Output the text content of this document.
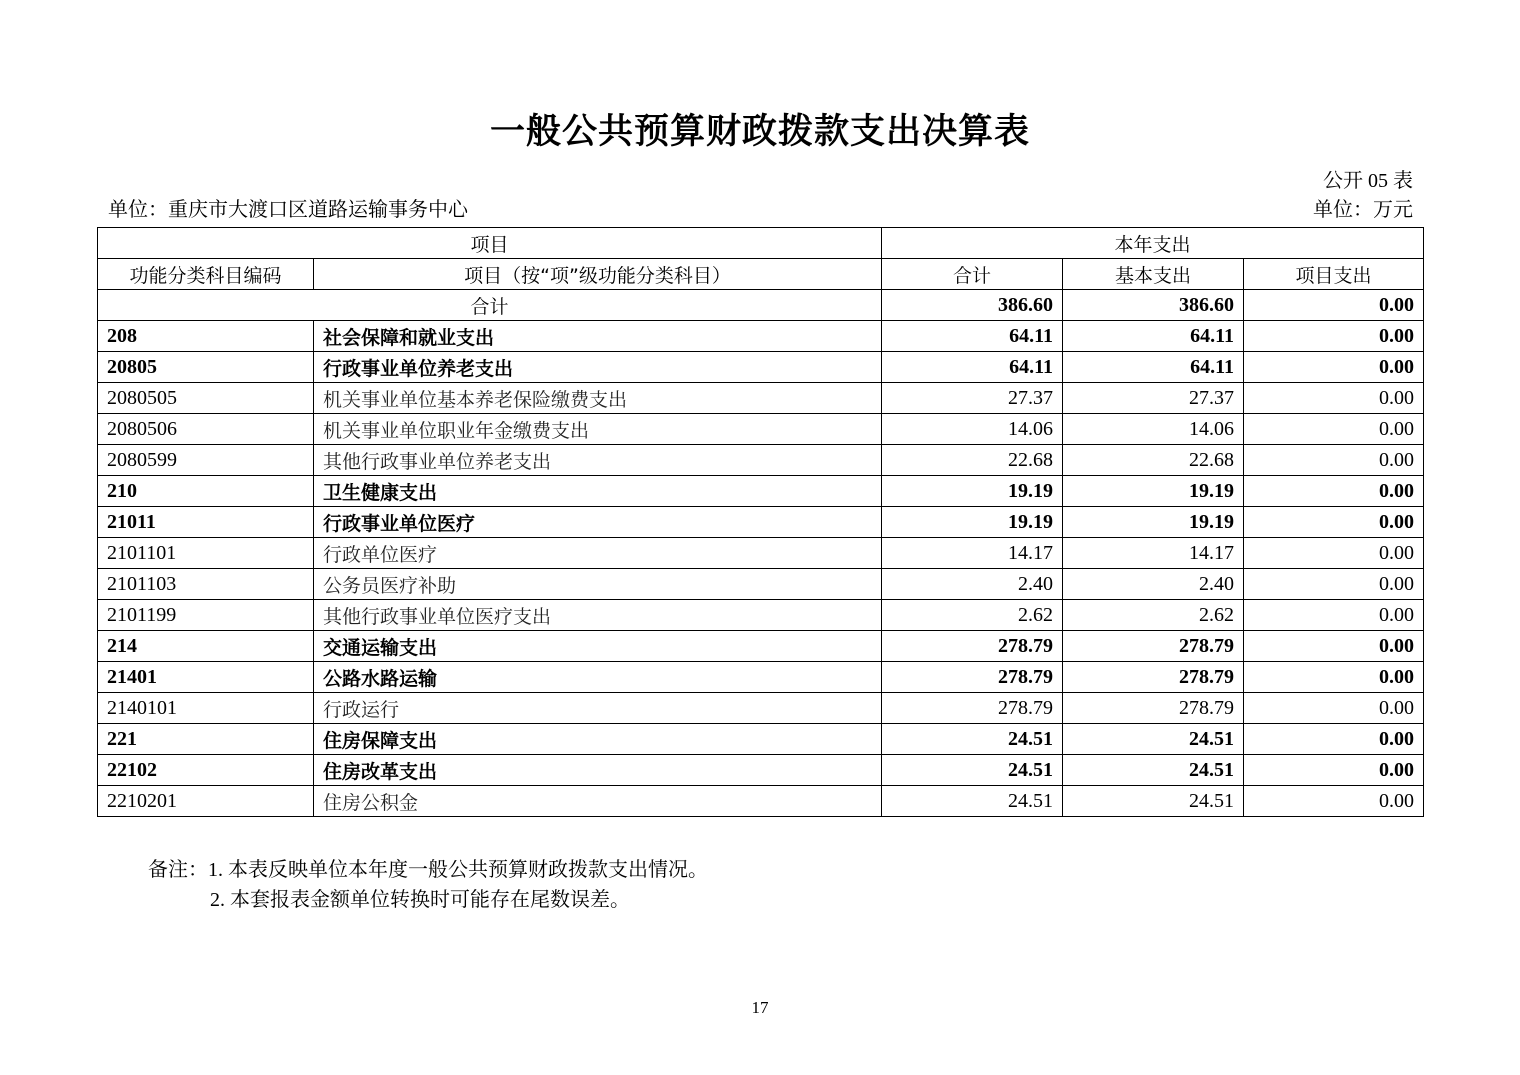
一般公共预算财政拨款支出决算表
公开 05 表
单位：重庆市大渡口区道路运输事务中心	单位：万元
项目		本年支出		
功能分类科目编码	项目（按“项”级功能分类科目）	合计	基本支出	项目支出
合计		386.60	386.60	0.00
208	社会保障和就业支出	64.11	64.11	0.00
20805	行政事业单位养老支出	64.11	64.11	0.00
2080505	机关事业单位基本养老保险缴费支出	27.37	27.37	0.00
2080506	机关事业单位职业年金缴费支出	14.06	14.06	0.00
2080599	其他行政事业单位养老支出	22.68	22.68	0.00
210	卫生健康支出	19.19	19.19	0.00
21011	行政事业单位医疗	19.19	19.19	0.00
2101101	行政单位医疗	14.17	14.17	0.00
2101103	公务员医疗补助	2.40	2.40	0.00
2101199	其他行政事业单位医疗支出	2.62	2.62	0.00
214	交通运输支出	278.79	278.79	0.00
21401	公路水路运输	278.79	278.79	0.00
2140101	行政运行	278.79	278.79	0.00
221	住房保障支出	24.51	24.51	0.00
22102	住房改革支出	24.51	24.51	0.00
2210201	住房公积金	24.51	24.51	0.00
备注：1. 本表反映单位本年度一般公共预算财政拨款支出情况。
2. 本套报表金额单位转换时可能存在尾数误差。
17
